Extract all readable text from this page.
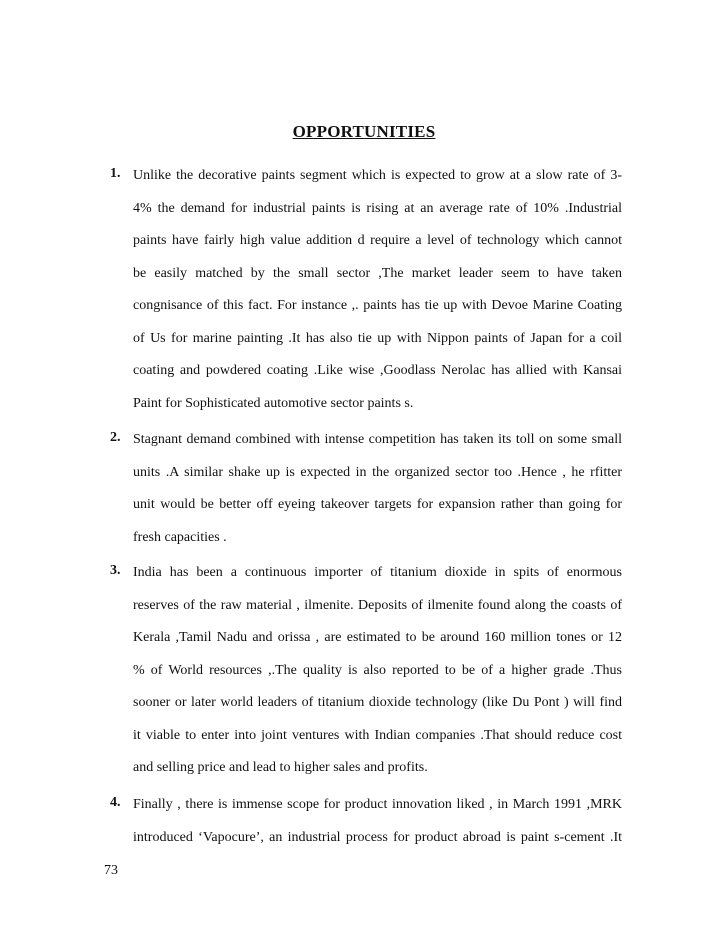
OPPORTUNITIES
1. Unlike the decorative paints segment which is expected to grow at a slow rate of 3-
4% the demand for industrial paints is rising at an average rate of 10% .Industrial
paints have fairly high value addition d require a level of technology which cannot
be easily matched by the small sector ,The market leader seem to have taken
congnisance of this fact. For instance ,. paints has tie up with Devoe Marine Coating
of Us for marine painting .It has also tie up with Nippon paints of Japan for a coil
coating and powdered coating .Like wise ,Goodlass Nerolac has allied with Kansai
Paint for Sophisticated automotive sector paints s.
2. Stagnant demand combined with intense competition has taken its toll on some small
units .A similar shake up is expected in the organized sector too .Hence , he rfitter
unit would be better off eyeing takeover targets for expansion rather than going for
fresh capacities .
3. India has been a continuous importer of titanium dioxide in spits of enormous
reserves of the raw material , ilmenite. Deposits of ilmenite found along the coasts of
Kerala ,Tamil Nadu and orissa , are estimated to be around 160 million tones or 12
% of World resources ,.The quality is also reported to be of a higher grade .Thus
sooner or later world leaders of titanium dioxide technology (like Du Pont ) will find
it viable to enter into joint ventures with Indian companies .That should reduce cost
and selling price and lead to higher sales and profits.
4. Finally , there is immense scope for product innovation liked , in March 1991 ,MRK
introduced ‘Vapocure’, an industrial process for product abroad is paint s-cement .It
73
